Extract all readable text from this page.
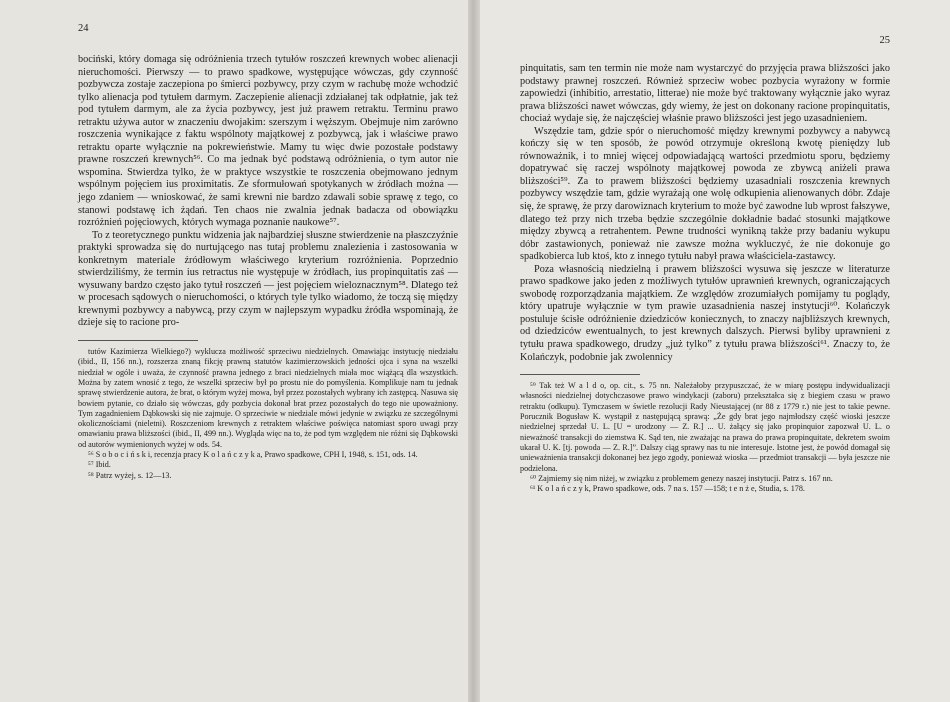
24

bociński, który domaga się odróżnienia trzech tytułów roszczeń krewnych wobec alienacji nieruchomości. Pierwszy — to prawo spadkowe, występujące wówczas, gdy czynność pozbywcza zostaje zaczepiona po śmierci pozbywcy, przy czym w rachubę może wchodzić tylko alienacja pod tytułem darmym. Zaczepienie alienacji zdziałanej tak odpłatnie, jak też pod tytułem darmym, ale za życia pozbywcy, jest już prawem retraktu. Terminu prawo retraktu używa autor w znaczeniu dwojakim: szerszym i węższym. Obejmuje nim zarówno roszczenia wynikające z faktu wspólnoty majątkowej z pozbywcą, jak i właściwe prawo retraktu oparte wyłącznie na pokrewieństwie. Mamy tu więc dwie pozostałe podstawy prawne roszczeń krewnych⁵⁶. Co ma jednak być podstawą odróżnienia, o tym autor nie wspomina. Stwierdza tylko, że w praktyce wszystkie te roszczenia obejmowano jednym wspólnym pojęciem ius proximitatis. Ze sformułowań spotykanych w źródłach można — jego zdaniem — wnioskować, że sami krewni nie bardzo zdawali sobie sprawę z tego, co stanowi podstawę ich żądań. Ten chaos nie zwalnia jednak badacza od obowiązku rozróżnień pojęciowych, których wymaga poznanie naukowe⁵⁷.

To z teoretycznego punktu widzenia jak najbardziej słuszne stwierdzenie na płaszczyźnie praktyki sprowadza się do nurtującego nas tutaj problemu znalezienia i zastosowania w konkretnym materiale źródłowym właściwego kryterium rozróżnienia. Poprzednio stwierdziliśmy, że termin ius retractus nie występuje w źródłach, ius propinquitatis zaś — wysuwany bardzo często jako tytuł roszczeń — jest pojęciem wieloznacznym⁵⁸. Dlatego też w procesach sądowych o nieruchomości, o których tyle tylko wiadomo, że toczą się między krewnymi pozbywcy a nabywcą, przy czym w najlepszym wypadku źródła wspominają, że dzieje się to racione pro-

tutów Kazimierza Wielkiego?) wyklucza możliwość sprzeciwu niedzielnych. Omawiając instytucję niedziału (ibid., II, 156 nn.), rozszerza znaną fikcję prawną statutów kazimierzowskich jedności ojca i syna na wszelki niedział w ogóle i uważa, że czynność prawna jednego z braci niedzielnych miała moc wiążącą dla wszystkich. Można by zatem wnosić z tego, że wszelki sprzeciw był po prostu nie do pomyślenia. Komplikuje nam tu jednak sprawę stwierdzenie autora, że brat, o którym wyżej mowa, był przez pozostałych wybrany ich zastępcą. Nasuwa się bowiem pytanie, co działo się wówczas, gdy pozbycia dokonał brat przez pozostałych do tego nie upoważniony. Tym zagadnieniem Dąbkowski się nie zajmuje. O sprzeciwie w niedziale mówi jedynie w związku ze szczególnymi okolicznościami (nieletni). Roszczeniom krewnych z retraktem właściwe poświęca natomiast sporo uwagi przy omawianiu prawa bliższości (ibid., II, 499 nn.). Wygląda więc na to, że pod tym względem nie różni się Dąbkowski od autorów wymienionych wyżej w ods. 54.

⁵⁶ S o b o c i ń s k i, recenzja pracy K o l a ń c z y k a, Prawo spadkowe, CPH I, 1948, s. 151, ods. 14.

⁵⁷ Ibid.

⁵⁸ Patrz wyżej, s. 12—13.

25

pinquitatis, sam ten termin nie może nam wystarczyć do przyjęcia prawa bliższości jako podstawy prawnej roszczeń. Również sprzeciw wobec pozbycia wyrażony w formie zapowiedzi (inhibitio, arrestatio, litterae) nie może być traktowany wyłącznie jako wyraz prawa bliższości nawet wówczas, gdy wiemy, że jest on dokonany racione propinquitatis, chociaż wydaje się, że najczęściej właśnie prawo bliższości jest jego uzasadnieniem.

Wszędzie tam, gdzie spór o nieruchomość między krewnymi pozbywcy a nabywcą kończy się w ten sposób, że powód otrzymuje określoną kwotę pieniędzy lub równoważnik, i to mniej więcej odpowiadającą wartości przedmiotu sporu, będziemy dopatrywać się raczej wspólnoty majątkowej powoda ze zbywcą aniżeli prawa bliższości⁵⁹. Za to prawem bliższości będziemy uzasadniali roszczenia krewnych pozbywcy wszędzie tam, gdzie wyrażają one wolę odkupienia alienowanych dóbr. Zdaje się, że sprawę, że przy darowiznach kryterium to może być zawodne lub wprost fałszywe, dlatego też przy nich trzeba będzie szczególnie dokładnie badać stosunki majątkowe między zbywcą a retrahentem. Pewne trudności wynikną także przy badaniu wykupu dóbr zastawionych, ponieważ nie zawsze można wykluczyć, że nie dokonuje go spadkobierca lub ktoś, kto z innego tytułu nabył prawa właściciela-zastawcy.

Poza własnością niedzielną i prawem bliższości wysuwa się jeszcze w literaturze prawo spadkowe jako jeden z możliwych tytułów uprawnień krewnych, ograniczających swobodę rozporządzania majątkiem. Ze względów zrozumiałych pomijamy tu poglądy, który upatruje wyłącznie w tym prawie uzasadnienia naszej instytucji⁶⁰. Kolańczyk postuluje ścisłe odróżnienie dziedziców koniecznych, to znaczy najbliższych krewnych, od dziedziców ewentualnych, to jest krewnych dalszych. Pierwsi byliby uprawnieni z tytułu prawa spadkowego, drudzy „już tylko” z tytułu prawa bliższości⁶¹. Znaczy to, że Kolańczyk, podobnie jak zwolennicy

⁵⁹ Tak też W a l d o, op. cit., s. 75 nn. Należałoby przypuszczać, że w miarę postępu indywidualizacji własności niedzielnej dotychczasowe prawo windykacji (zaboru) przekształca się z biegiem czasu w prawo retraktu (odkupu). Tymczasem w świetle rezolucji Rady Nieustającej (nr 88 z 1779 r.) nie jest to takie pewne. Porucznik Bogusław K. wystąpił z następującą sprawą: „Że gdy brat jego najmłodszy część wioski jeszcze niedzielnej sprzedał U. L. [U = urodzony — Z. R.] ... U. żałący się jako propinquior zapozwał U. L. o nieważność transakcji do ziemstwa K. Sąd ten, nie zważając na prawa do prawa propinquitate, dekretem swoim ukarał U. K. [tj. powoda — Z. R.]”. Dalszy ciąg sprawy nas tu nie interesuje. Istotne jest, że powód domagał się unieważnienia transakcji dokonanej bez jego zgody, ponieważ wioska — przedmiot transakcji — była jeszcze nie podzielona.

⁶⁰ Zajmiemy się nim niżej, w związku z problemem genezy naszej instytucji. Patrz s. 167 nn.

⁶¹ K o l a ń c z y k, Prawo spadkowe, ods. 7 na s. 157 —158; t e n ż e, Studia, s. 178.
